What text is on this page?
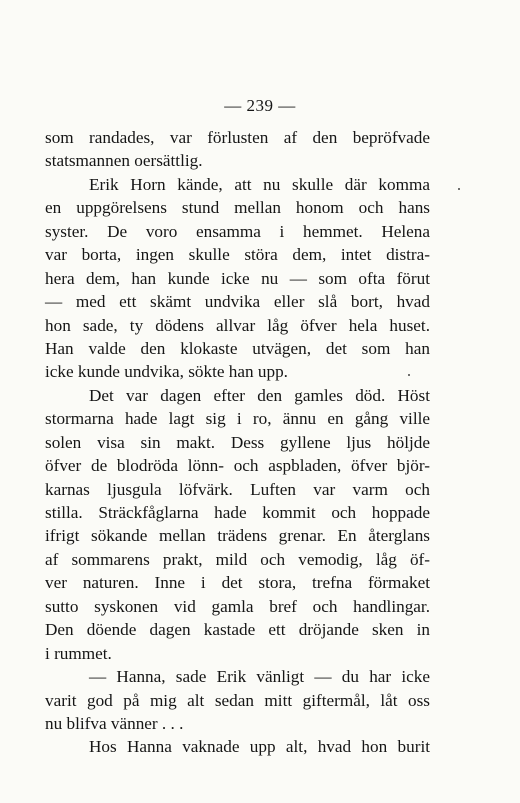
— 239 —
som randades, var förlusten af den bepröfvade
statsmannen oersättlig.
Erik Horn kände, att nu skulle där komma
en uppgörelsens stund mellan honom och hans
syster. De voro ensamma i hemmet. Helena
var borta, ingen skulle störa dem, intet distra-
hera dem, han kunde icke nu — som ofta förut
— med ett skämt undvika eller slå bort, hvad
hon sade, ty dödens allvar låg öfver hela huset.
Han valde den klokaste utvägen, det som han
icke kunde undvika, sökte han upp.
Det var dagen efter den gamles död. Höst
stormarna hade lagt sig i ro, ännu en gång ville
solen visa sin makt. Dess gyllene ljus höljde
öfver de blodröda lönn- och aspbladen, öfver björ-
karnas ljusgula löfvärk. Luften var varm och
stilla. Sträckfåglarna hade kommit och hoppade
ifrigt sökande mellan trädens grenar. En återglans
af sommarens prakt, mild och vemodig, låg öf-
ver naturen. Inne i det stora, trefna förmaket
sutto syskonen vid gamla bref och handlingar.
Den döende dagen kastade ett dröjande sken in
i rummet.
— Hanna, sade Erik vänligt — du har icke
varit god på mig alt sedan mitt giftermål, låt oss
nu blifva vänner . . .
Hos Hanna vaknade upp alt, hvad hon burit
